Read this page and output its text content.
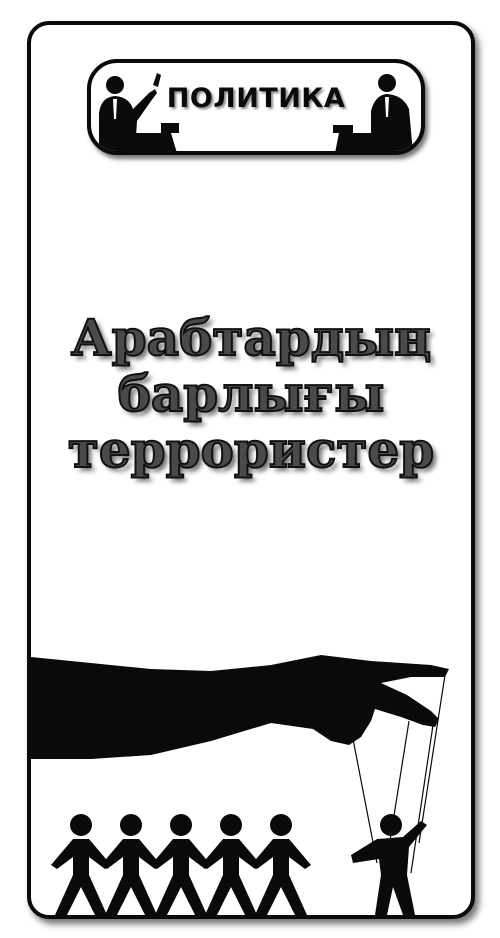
ПОЛИТИКА
Арабтардың
барлығы
террористер
